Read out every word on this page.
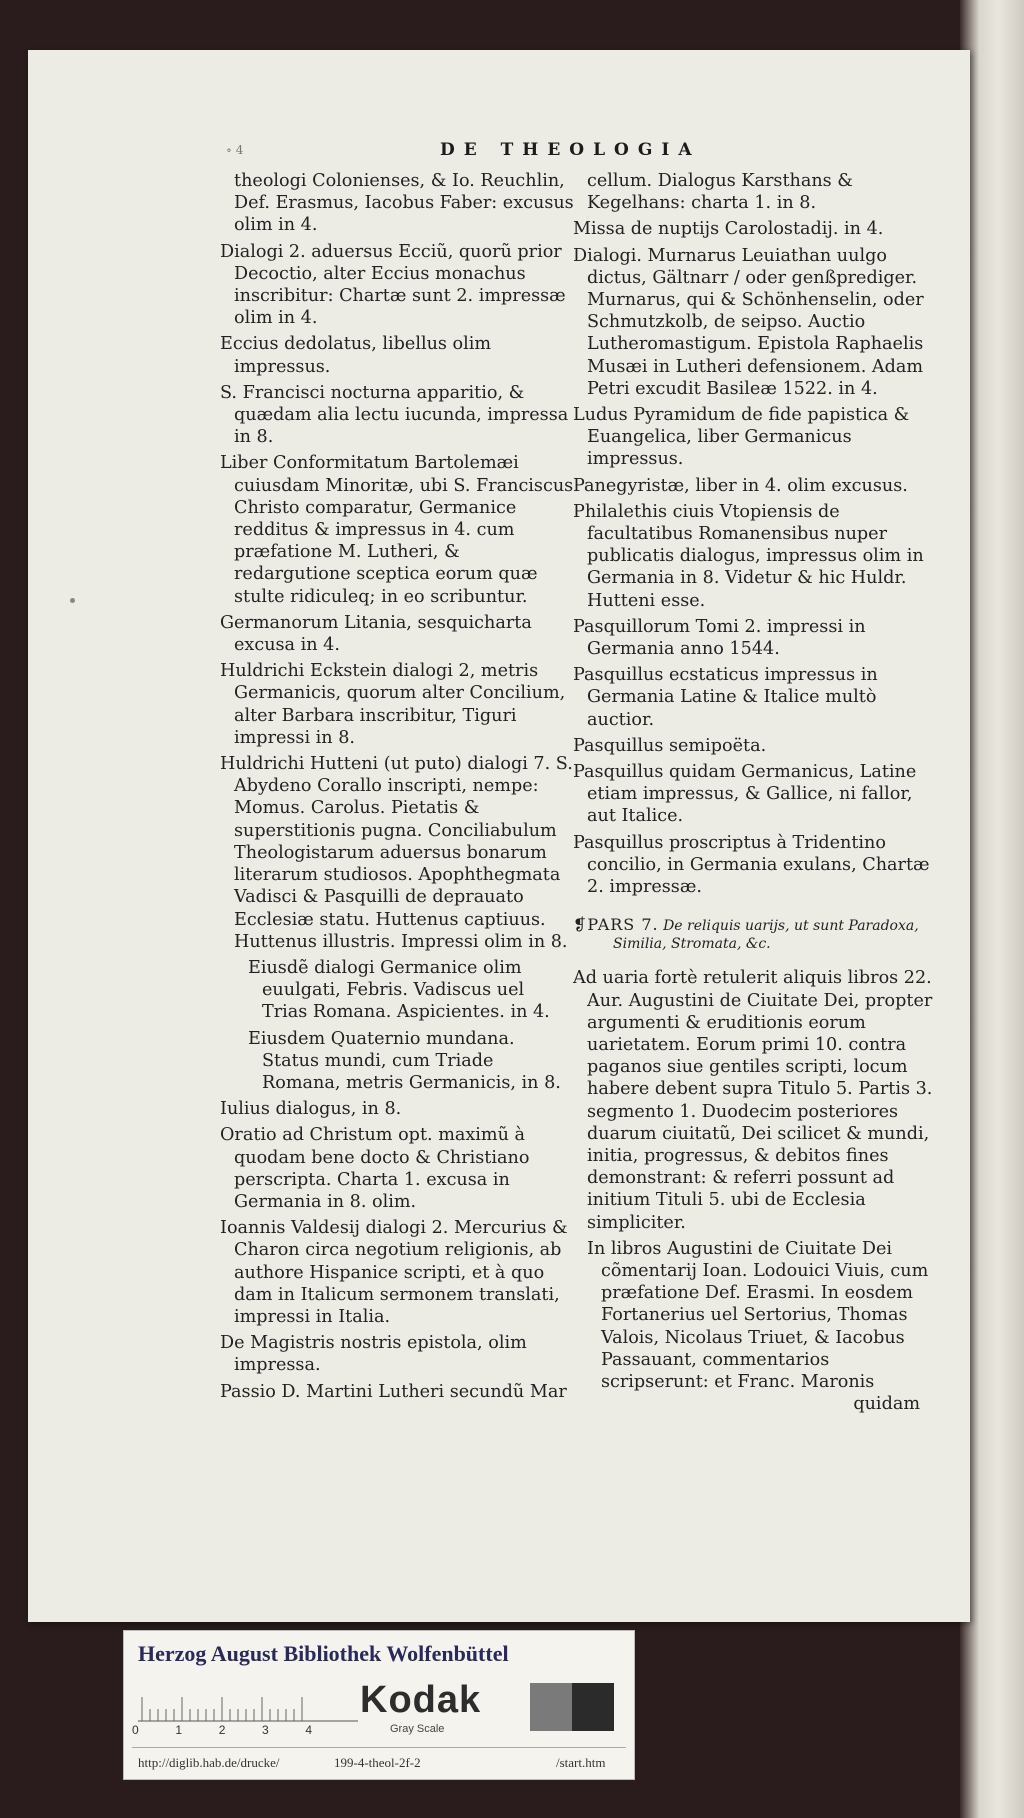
∘ 4	DE THEOLOGIA
theologi Colonienses, & Io. Reuchlin, Def. Erasmus, Iacobus Faber: excusus olim in 4.
Dialogi 2. aduersus Ecciũ, quorũ prior Decoctio, alter Eccius monachus inscribitur: Chartæ sunt 2. impressæ olim in 4.
Eccius dedolatus, libellus olim impressus.
S. Francisci nocturna apparitio, & quædam alia lectu iucunda, impressa in 8.
Liber Conformitatum Bartolemæi cuiusdam Minoritæ, ubi S. Franciscus Christo comparatur, Germanice redditus & impressus in 4. cum præfatione M. Lutheri, & redargutione sceptica eorum quæ stulte ridiculeq; in eo scribuntur.
Germanorum Litania, sesquicharta excusa in 4.
Huldrichi Eckstein dialogi 2, metris Germanicis, quorum alter Concilium, alter Barbara inscribitur, Tiguri impressi in 8.
Huldrichi Hutteni (ut puto) dialogi 7. S. Abydeno Corallo inscripti, nempe: Momus. Carolus. Pietatis & superstitionis pugna. Conciliabulum Theologistarum aduersus bonarum literarum studiosos. Apophthegmata Vadisci & Pasquilli de deprauato Ecclesiæ statu. Huttenus captiuus. Huttenus illustris. Impressi olim in 8.
Eiusdẽ dialogi Germanice olim euulgati, Febris. Vadiscus uel Trias Romana. Aspicientes. in 4.
Eiusdem Quaternio mundana. Status mundi, cum Triade Romana, metris Germanicis, in 8.
Iulius dialogus, in 8.
Oratio ad Christum opt. maximũ à quodam bene docto & Christiano perscripta. Charta 1. excusa in Germania in 8. olim.
Ioannis Valdesij dialogi 2. Mercurius & Charon circa negotium religionis, ab authore Hispanice scripti, et à quo dam in Italicum sermonem translati, impressi in Italia.
De Magistris nostris epistola, olim impressa.
Passio D. Martini Lutheri secundũ Mar
cellum. Dialogus Karsthans & Kegelhans: charta 1. in 8.
Missa de nuptijs Carolostadij. in 4.
Dialogi. Murnarus Leuiathan uulgo dictus, Gältnarr / oder genßprediger. Murnarus, qui & Schönhenselin, oder Schmutzkolb, de seipso. Auctio Lutheromastigum. Epistola Raphaelis Musæi in Lutheri defensionem. Adam Petri excudit Basileæ 1522. in 4.
Ludus Pyramidum de fide papistica & Euangelica, liber Germanicus impressus.
Panegyristæ, liber in 4. olim excusus.
Philalethis ciuis Vtopiensis de facultatibus Romanensibus nuper publicatis dialogus, impressus olim in Germania in 8. Videtur & hic Huldr. Hutteni esse.
Pasquillorum Tomi 2. impressi in Germania anno 1544.
Pasquillus ecstaticus impressus in Germania Latine & Italice multò auctior.
Pasquillus semipoëta.
Pasquillus quidam Germanicus, Latine etiam impressus, & Gallice, ni fallor, aut Italice.
Pasquillus proscriptus à Tridentino concilio, in Germania exulans, Chartæ 2. impressæ.
❡PARS 7. De reliquis uarijs, ut sunt Paradoxa, Similia, Stromata, &c.
Ad uaria fortè retulerit aliquis libros 22. Aur. Augustini de Ciuitate Dei, propter argumenti & eruditionis eorum uarietatem. Eorum primi 10. contra paganos siue gentiles scripti, locum habere debent supra Titulo 5. Partis 3. segmento 1. Duodecim posteriores duarum ciuitatũ, Dei scilicet & mundi, initia, progressus, & debitos fines demonstrant: & referri possunt ad initium Tituli 5. ubi de Ecclesia simpliciter.
In libros Augustini de Ciuitate Dei cõmentarij Ioan. Lodouici Viuis, cum præfatione Def. Erasmi. In eosdem Fortanerius uel Sertorius, Thomas Valois, Nicolaus Triuet, & Iacobus Passauant, commentarios scripserunt: et Franc. Maronis
quidam
Herzog August Bibliothek Wolfenbüttel
0	1	2	3	4
Kodak
Gray Scale
http://diglib.hab.de/drucke/	199-4-theol-2f-2	/start.htm
